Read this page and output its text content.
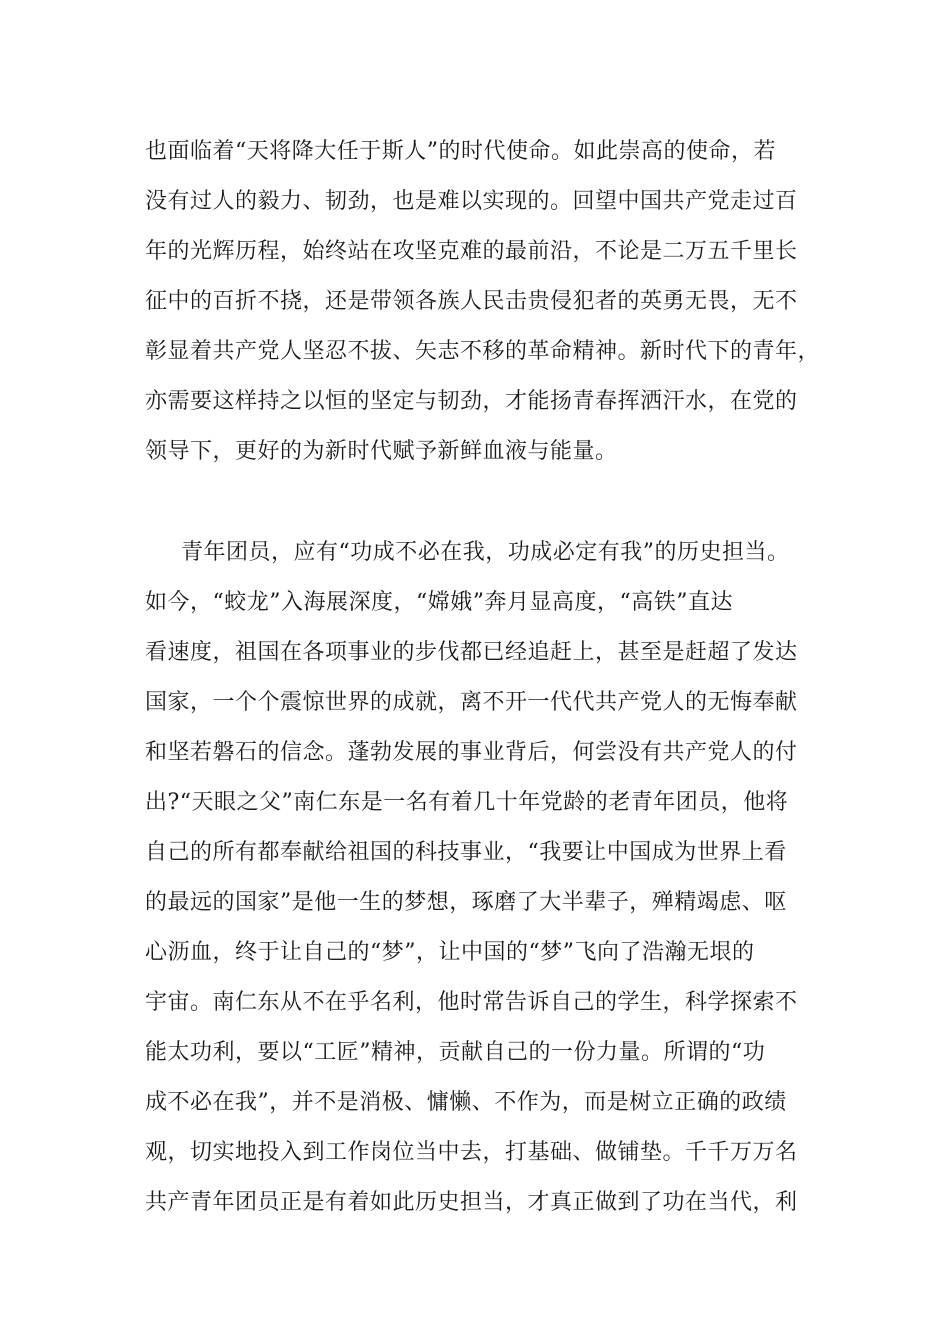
也面临着“天将降大任于斯人”的时代使命。如此崇高的使命，若
没有过人的毅力、韧劲，也是难以实现的。回望中国共产党走过百
年的光辉历程，始终站在攻坚克难的最前沿，不论是二万五千里长
征中的百折不挠，还是带领各族人民击贵侵犯者的英勇无畏，无不
彰显着共产党人坚忍不拔、矢志不移的革命精神。新时代下的青年，
亦需要这样持之以恒的坚定与韧劲，才能扬青春挥洒汗水，在党的
领导下，更好的为新时代赋予新鲜血液与能量。
青年团员，应有“功成不必在我，功成必定有我”的历史担当。
如今，“蛟龙”入海展深度，“嫦娥”奔月显高度，“高铁”直达
看速度，祖国在各项事业的步伐都已经追赶上，甚至是赶超了发达
国家，一个个震惊世界的成就，离不开一代代共产党人的无悔奉献
和坚若磐石的信念。蓬勃发展的事业背后，何尝没有共产党人的付
出?“天眼之父”南仁东是一名有着几十年党龄的老青年团员，他将
自己的所有都奉献给祖国的科技事业，“我要让中国成为世界上看
的最远的国家”是他一生的梦想，琢磨了大半辈子，殚精竭虑、呕
心沥血，终于让自己的“梦”，让中国的“梦”飞向了浩瀚无垠的
宇宙。南仁东从不在乎名利，他时常告诉自己的学生，科学探索不
能太功利，要以“工匠”精神，贡献自己的一份力量。所谓的“功
成不必在我”，并不是消极、慵懒、不作为，而是树立正确的政绩
观，切实地投入到工作岗位当中去，打基础、做铺垫。千千万万名
共产青年团员正是有着如此历史担当，才真正做到了功在当代，利
